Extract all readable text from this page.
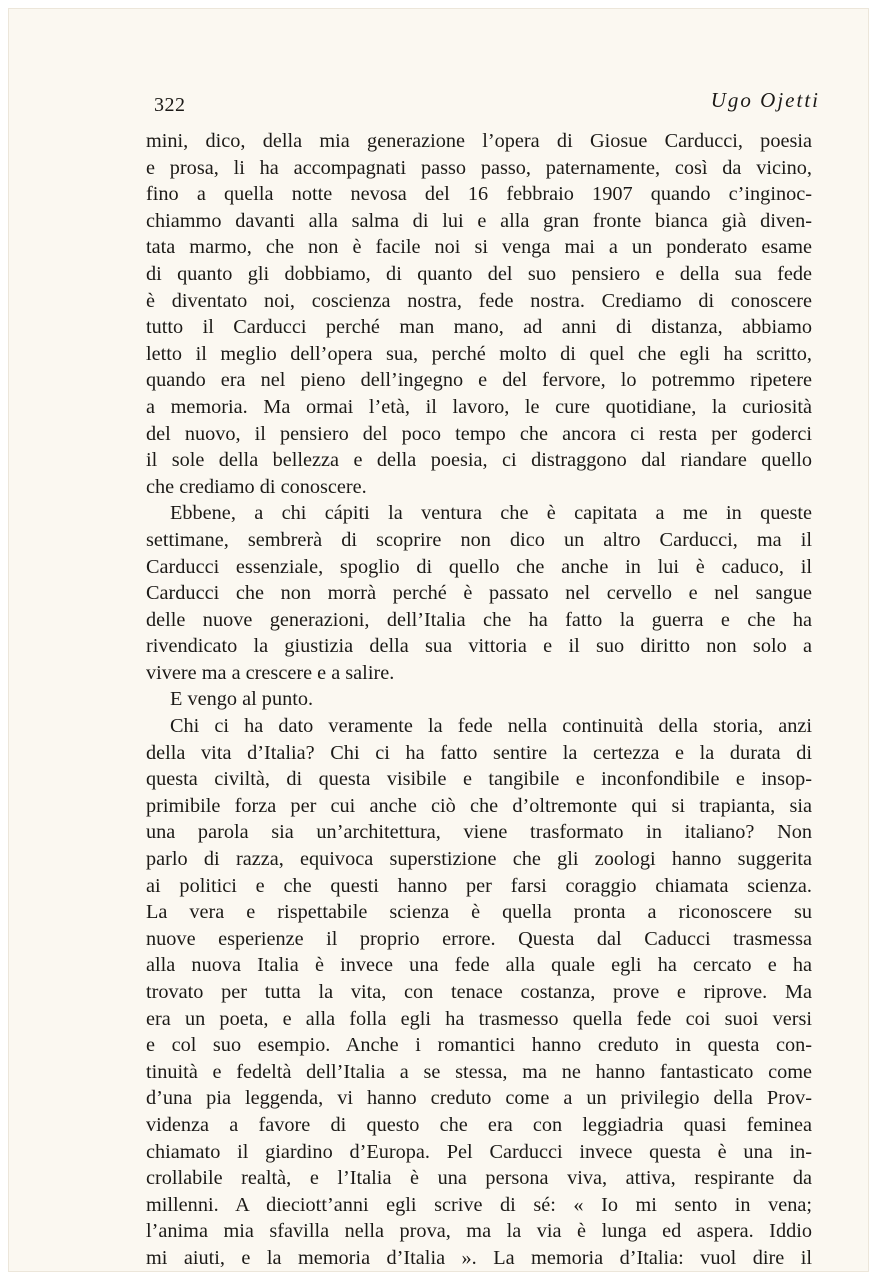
322	Ugo Ojetti
mini, dico, della mia generazione l’opera di Giosue Carducci, poesia
e prosa, li ha accompagnati passo passo, paternamente, così da vicino,
fino a quella notte nevosa del 16 febbraio 1907 quando c’inginoc-
chiammo davanti alla salma di lui e alla gran fronte bianca già diven-
tata marmo, che non è facile noi si venga mai a un ponderato esame
di quanto gli dobbiamo, di quanto del suo pensiero e della sua fede
è diventato noi, coscienza nostra, fede nostra. Crediamo di conoscere
tutto il Carducci perché man mano, ad anni di distanza, abbiamo
letto il meglio dell’opera sua, perché molto di quel che egli ha scritto,
quando era nel pieno dell’ingegno e del fervore, lo potremmo ripetere
a memoria. Ma ormai l’età, il lavoro, le cure quotidiane, la curiosità
del nuovo, il pensiero del poco tempo che ancora ci resta per goderci
il sole della bellezza e della poesia, ci distraggono dal riandare quello
che crediamo di conoscere.
Ebbene, a chi cápiti la ventura che è capitata a me in queste
settimane, sembrerà di scoprire non dico un altro Carducci, ma il
Carducci essenziale, spoglio di quello che anche in lui è caduco, il
Carducci che non morrà perché è passato nel cervello e nel sangue
delle nuove generazioni, dell’Italia che ha fatto la guerra e che ha
rivendicato la giustizia della sua vittoria e il suo diritto non solo a
vivere ma a crescere e a salire.
E vengo al punto.
Chi ci ha dato veramente la fede nella continuità della storia, anzi
della vita d’Italia? Chi ci ha fatto sentire la certezza e la durata di
questa civiltà, di questa visibile e tangibile e inconfondibile e insop-
primibile forza per cui anche ciò che d’oltremonte qui si trapianta, sia
una parola sia un’architettura, viene trasformato in italiano? Non
parlo di razza, equivoca superstizione che gli zoologi hanno suggerita
ai politici e che questi hanno per farsi coraggio chiamata scienza.
La vera e rispettabile scienza è quella pronta a riconoscere su
nuove esperienze il proprio errore. Questa dal Caducci trasmessa
alla nuova Italia è invece una fede alla quale egli ha cercato e ha
trovato per tutta la vita, con tenace costanza, prove e riprove. Ma
era un poeta, e alla folla egli ha trasmesso quella fede coi suoi versi
e col suo esempio. Anche i romantici hanno creduto in questa con-
tinuità e fedeltà dell’Italia a se stessa, ma ne hanno fantasticato come
d’una pia leggenda, vi hanno creduto come a un privilegio della Prov-
videnza a favore di questo che era con leggiadria quasi feminea
chiamato il giardino d’Europa. Pel Carducci invece questa è una in-
crollabile realtà, e l’Italia è una persona viva, attiva, respirante da
millenni. A dieciott’anni egli scrive di sé: « Io mi sento in vena;
l’anima mia sfavilla nella prova, ma la via è lunga ed aspera. Iddio
mi aiuti, e la memoria d’Italia ». La memoria d’Italia: vuol dire il
